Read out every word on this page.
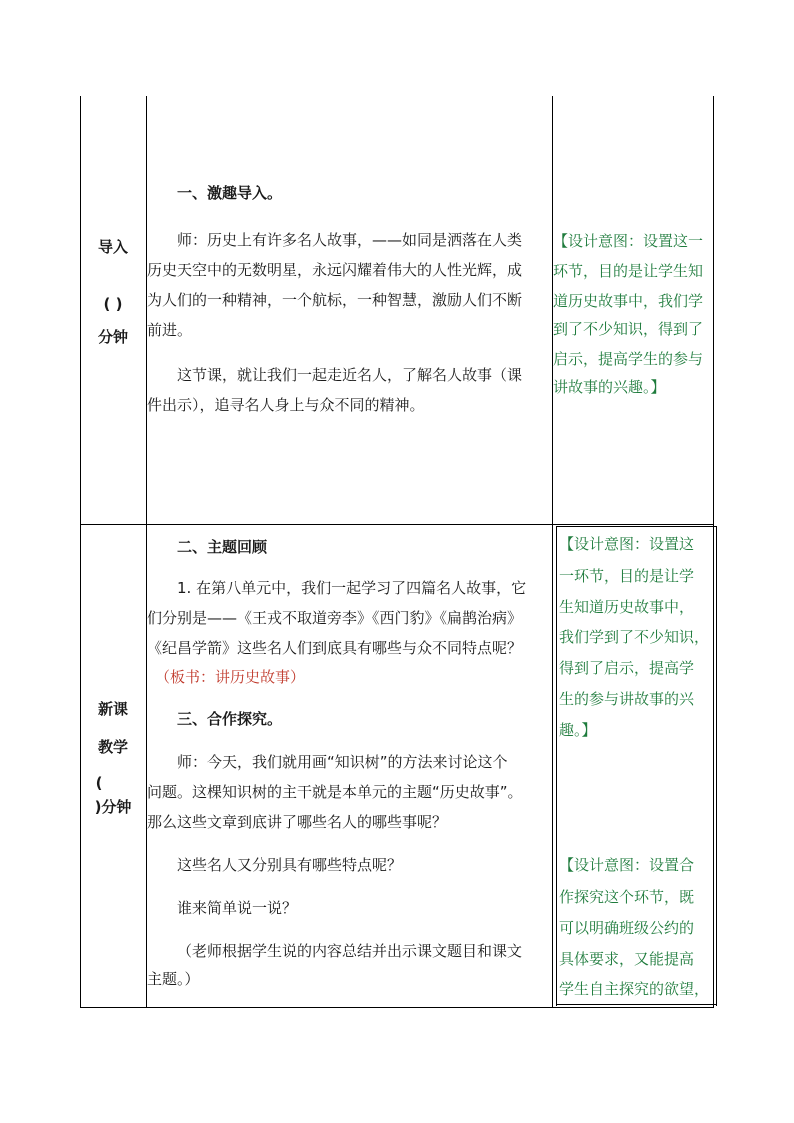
导入
( )
分钟
一、激趣导入。
师：历史上有许多名人故事，——如同是洒落在人类
历史天空中的无数明星，永远闪耀着伟大的人性光辉，成
为人们的一种精神，一个航标，一种智慧，激励人们不断
前进。
这节课，就让我们一起走近名人，了解名人故事（课
件出示），追寻名人身上与众不同的精神。
【设计意图：设置这一
环节，目的是让学生知
道历史故事中，我们学
到了不少知识，得到了
启示，提高学生的参与
讲故事的兴趣。】
新课
教学
(
)分钟
二、主题回顾
1. 在第八单元中，我们一起学习了四篇名人故事，它
们分别是——《王戎不取道旁李》《西门豹》《扁鹊治病》
《纪昌学箭》这些名人们到底具有哪些与众不同特点呢？
（板书：讲历史故事）
三、合作探究。
师：今天，我们就用画“知识树”的方法来讨论这个
问题。这棵知识树的主干就是本单元的主题“历史故事”。
那么这些文章到底讲了哪些名人的哪些事呢？
这些名人又分别具有哪些特点呢？
谁来简单说一说？
（老师根据学生说的内容总结并出示课文题目和课文
主题。）
【设计意图：设置这
一环节，目的是让学
生知道历史故事中，
我们学到了不少知识，
得到了启示，提高学
生的参与讲故事的兴
趣。】
【设计意图：设置合
作探究这个环节，既
可以明确班级公约的
具体要求，又能提高
学生自主探究的欲望，
